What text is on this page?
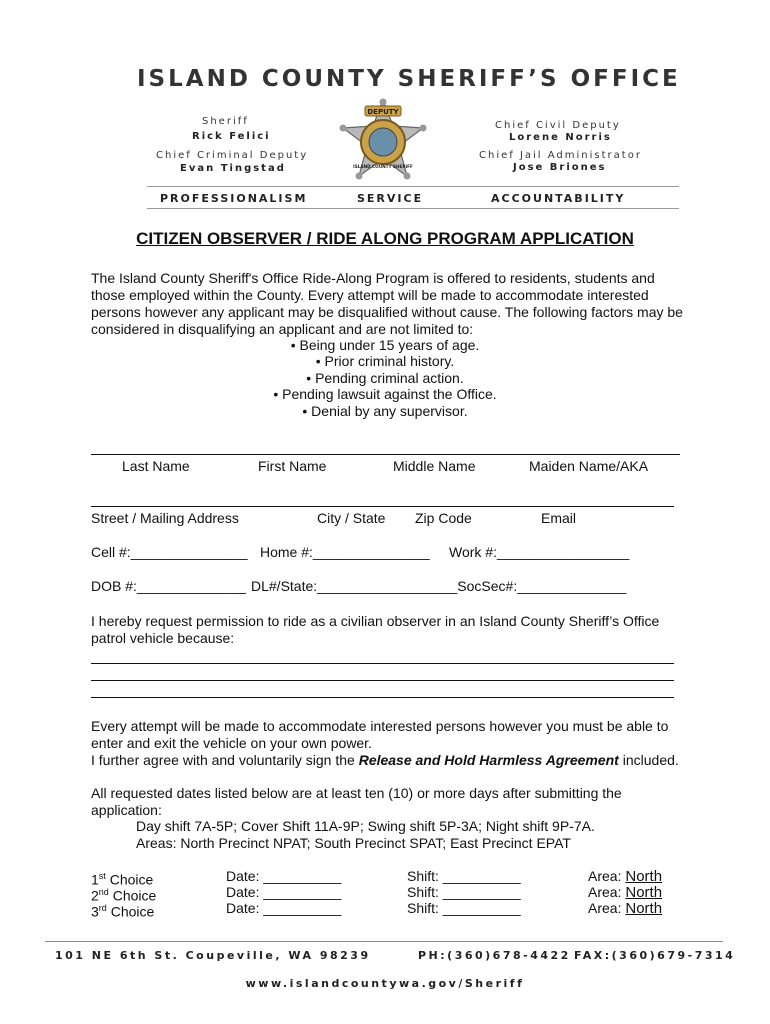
ISLAND COUNTY SHERIFF’S OFFICE
Sheriff
Rick Felici
Chief Criminal Deputy
Evan Tingstad
Chief Civil Deputy
Lorene Norris
Chief Jail Administrator
Jose Briones
DEPUTY
ISLAND COUNTY SHERIFF
PROFESSIONALISM	SERVICE	ACCOUNTABILITY
CITIZEN OBSERVER / RIDE ALONG PROGRAM APPLICATION
The Island County Sheriff's Office Ride-Along Program is offered to residents, students and
those employed within the County. Every attempt will be made to accommodate interested
persons however any applicant may be disqualified without cause. The following factors may be
considered in disqualifying an applicant and are not limited to:
• Being under 15 years of age.
• Prior criminal history.
• Pending criminal action.
• Pending lawsuit against the Office.
• Denial by any supervisor.
Last Name	First Name	Middle Name	Maiden Name/AKA
Street / Mailing Address	City / State Zip Code	Email
Cell #:_______________ Home #:_______________ Work #:_________________
DOB #:______________ DL#/State:__________________SocSec#:______________
I hereby request permission to ride as a civilian observer in an Island County Sheriff’s Office
patrol vehicle because:
Every attempt will be made to accommodate interested persons however you must be able to
enter and exit the vehicle on your own power.
I further agree with and voluntarily sign the Release and Hold Harmless Agreement included.
All requested dates listed below are at least ten (10) or more days after submitting the
application:
Day shift 7A-5P; Cover Shift 11A-9P; Swing shift 5P-3A; Night shift 9P-7A.
Areas: North Precinct NPAT; South Precinct SPAT; East Precinct EPAT
1st Choice	Date: __________	Shift: __________	Area: North
2nd Choice	Date: __________	Shift: __________	Area: North
3rd Choice	Date: __________	Shift: __________	Area: North
101 NE 6th St. Coupeville, WA 98239	PH:(360)678-4422 FAX:(360)679-7314
www.islandcountywa.gov/Sheriff
